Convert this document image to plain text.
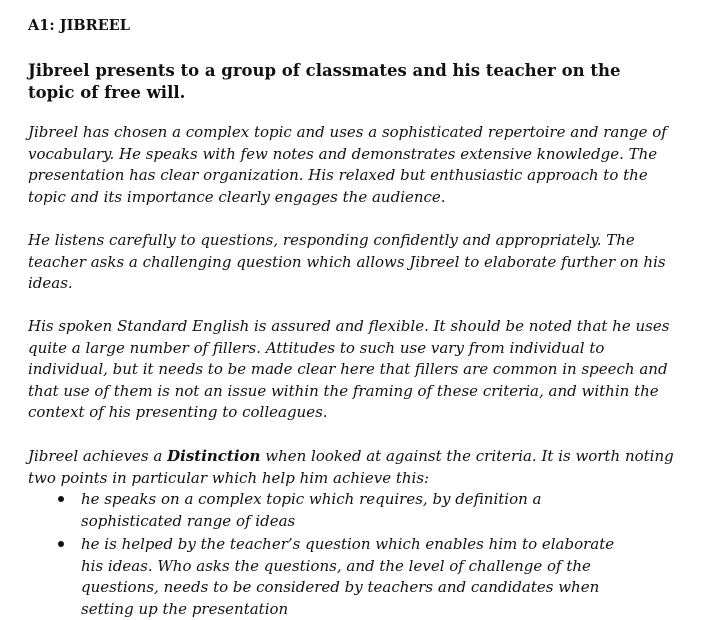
A1: JIBREEL

Jibreel presents to a group of classmates and his teacher on the topic of free will.

Jibreel has chosen a complex topic and uses a sophisticated repertoire and range of vocabulary. He speaks with few notes and demonstrates extensive knowledge. The presentation has clear organization. His relaxed but enthusiastic approach to the topic and its importance clearly engages the audience.

He listens carefully to questions, responding confidently and appropriately. The teacher asks a challenging question which allows Jibreel to elaborate further on his ideas.

His spoken Standard English is assured and flexible. It should be noted that he uses quite a large number of fillers. Attitudes to such use vary from individual to individual, but it needs to be made clear here that fillers are common in speech and that use of them is not an issue within the framing of these criteria, and within the context of his presenting to colleagues.

Jibreel achieves a Distinction when looked at against the criteria. It is worth noting two points in particular which help him achieve this:

he speaks on a complex topic which requires, by definition a sophisticated range of ideas
he is helped by the teacher’s question which enables him to elaborate his ideas. Who asks the questions, and the level of challenge of the questions, needs to be considered by teachers and candidates when setting up the presentation
